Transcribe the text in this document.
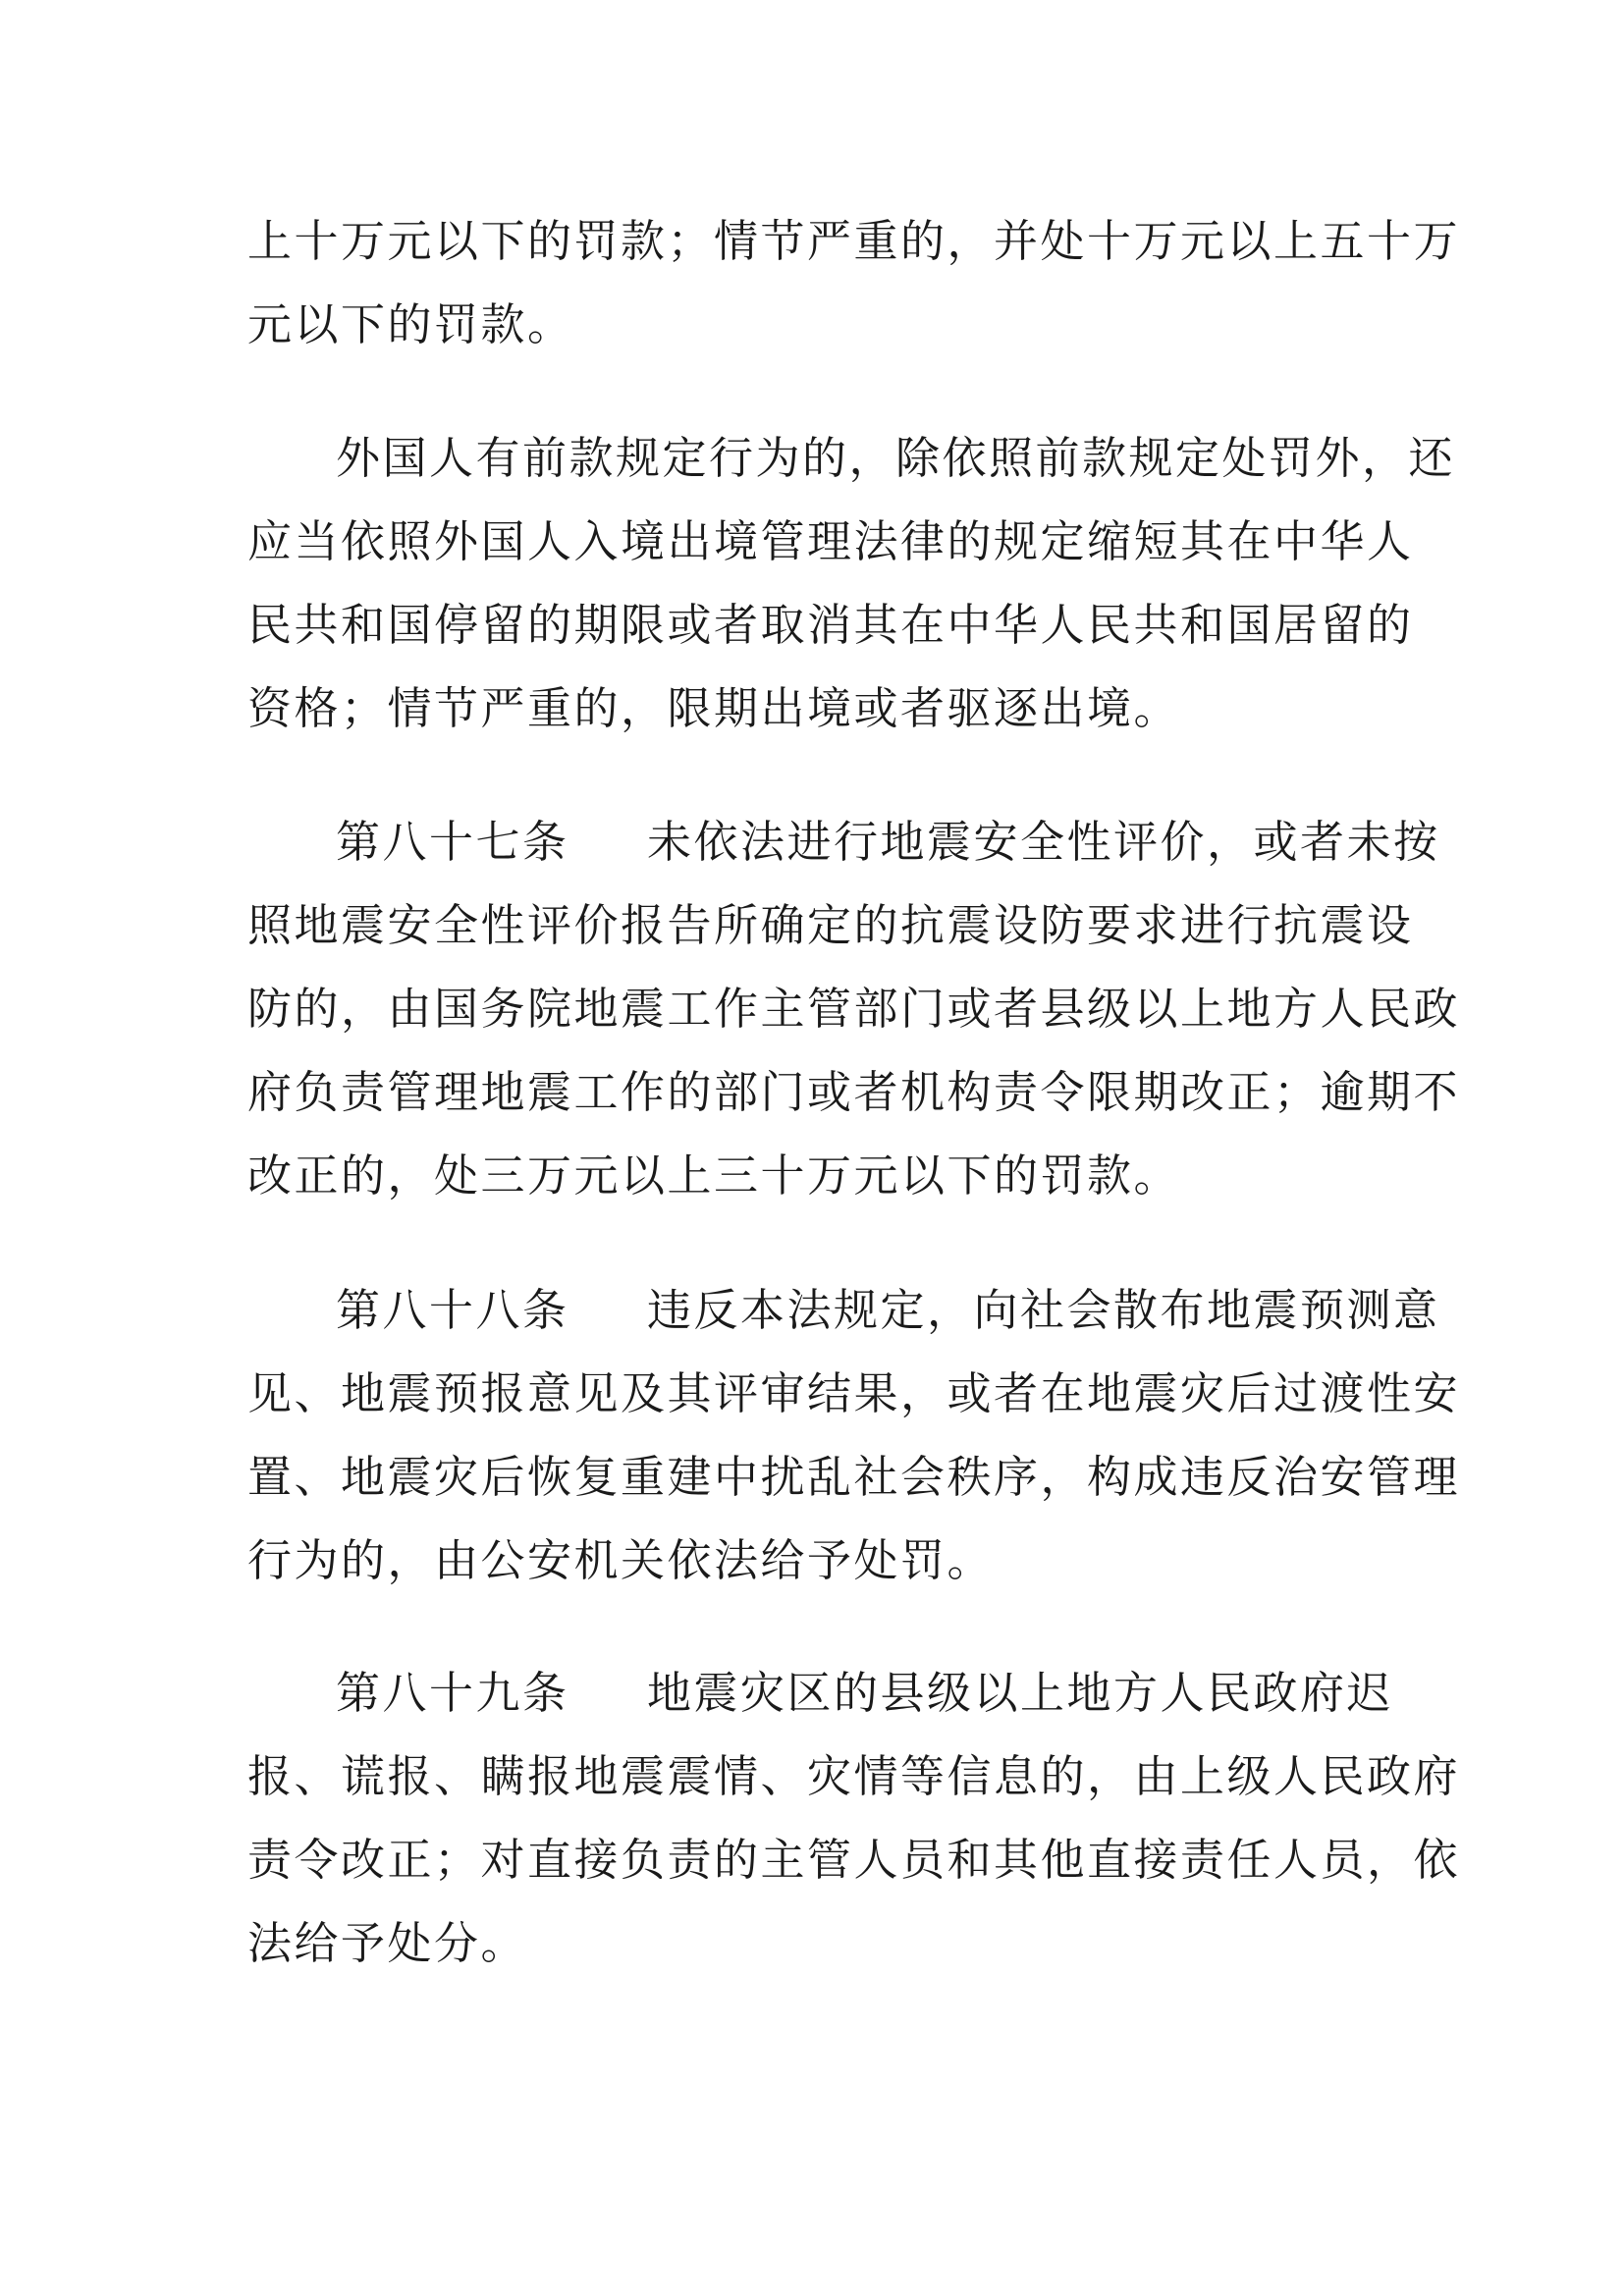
上十万元以下的罚款；情节严重的，并处十万元以上五十万
元以下的罚款。
外国人有前款规定行为的，除依照前款规定处罚外，还
应当依照外国人入境出境管理法律的规定缩短其在中华人
民共和国停留的期限或者取消其在中华人民共和国居留的
资格；情节严重的，限期出境或者驱逐出境。
第八十七条 未依法进行地震安全性评价，或者未按
照地震安全性评价报告所确定的抗震设防要求进行抗震设
防的，由国务院地震工作主管部门或者县级以上地方人民政
府负责管理地震工作的部门或者机构责令限期改正；逾期不
改正的，处三万元以上三十万元以下的罚款。
第八十八条 违反本法规定，向社会散布地震预测意
见、地震预报意见及其评审结果，或者在地震灾后过渡性安
置、地震灾后恢复重建中扰乱社会秩序，构成违反治安管理
行为的，由公安机关依法给予处罚。
第八十九条 地震灾区的县级以上地方人民政府迟
报、谎报、瞒报地震震情、灾情等信息的，由上级人民政府
责令改正；对直接负责的主管人员和其他直接责任人员，依
法给予处分。
